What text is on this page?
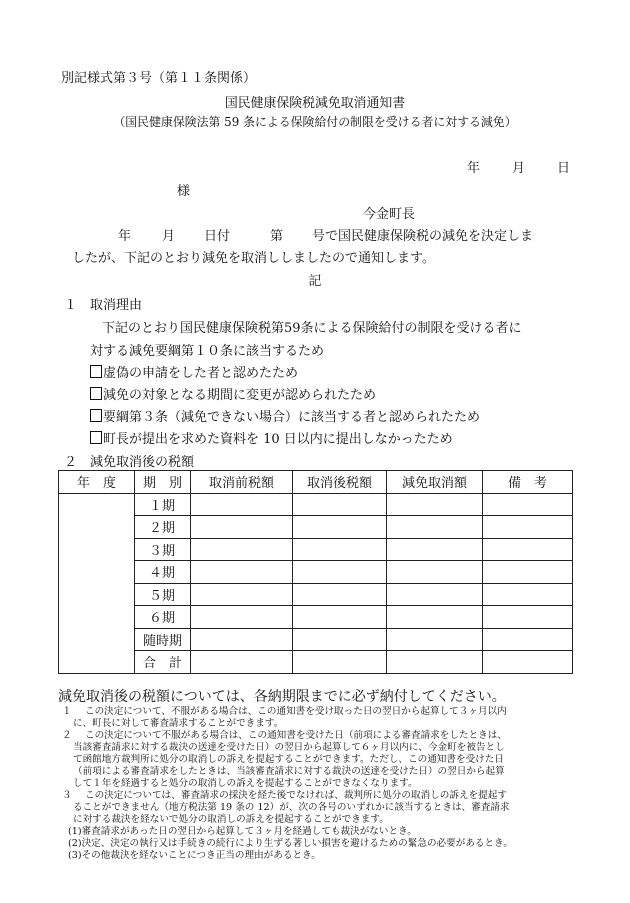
別記様式第３号（第１１条関係）
国民健康保険税減免取消通知書
（国民健康保険法第 59 条による保険給付の制限を受ける者に対する減免）
年 月 日
様
今金町長
年 月 日付	第 号で国民健康保険税の減免を決定しま
したが、下記のとおり減免を取消ししましたので通知します。
記
１　取消理由
下記のとおり国民健康保険税第59条による保険給付の制限を受ける者に
対する減免要綱第１０条に該当するため
虚偽の申請をした者と認めたため
減免の対象となる期間に変更が認められたため
要綱第３条（減免できない場合）に該当する者と認められたため
町長が提出を求めた資料を 10 日以内に提出しなかったため
２　減免取消後の税額
年　度	期　別	取消前税額	取消後税額	減免取消額	備　考
	１期				
	２期				
	３期				
	４期				
	５期				
	６期				
	随時期				
	合　計				
減免取消後の税額については、各納期限までに必ず納付してください。
１ この決定について、不服がある場合は、この通知書を受け取った日の翌日から起算して３ヶ月以内
に、町長に対して審査請求することができます。
２ この決定について不服がある場合は、この通知書を受けた日（前項による審査請求をしたときは、
当該審査請求に対する裁決の送達を受けた日）の翌日から起算して６ヶ月以内に、今金町を被告とし
て函館地方裁判所に処分の取消しの訴えを提起することができます。ただし、この通知書を受けた日
（前項による審査請求をしたときは、当該審査請求に対する裁決の送達を受けた日）の翌日から起算
して１年を経過すると処分の取消しの訴えを提起することができなくなります。
３ この決定については、審査請求の採決を経た後でなければ、裁判所に処分の取消しの訴えを提起す
ることができません（地方税法第 19 条の 12）が、次の各号のいずれかに該当するときは、審査請求
に対する裁決を経ないで処分の取消しの訴えを提起することができます。
(1)審査請求があった日の翌日から起算して３ヶ月を経過しても裁決がないとき。
(2)決定、決定の執行又は手続きの続行により生ずる著しい損害を避けるための緊急の必要があるとき。
(3)その他裁決を経ないことにつき正当の理由があるとき。
